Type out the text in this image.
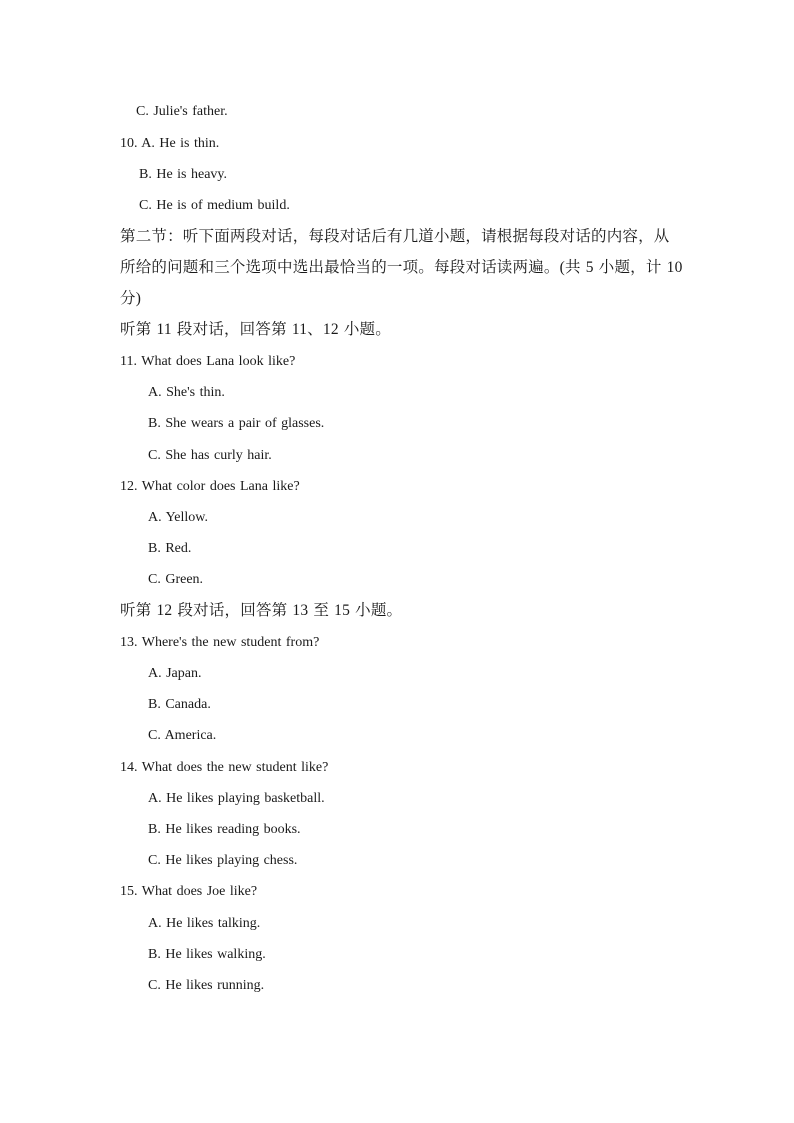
C. Julie's father.
10. A. He is thin.
B. He is heavy.
C. He is of medium build.
第二节：听下面两段对话，每段对话后有几道小题，请根据每段对话的内容，从
所给的问题和三个选项中选出最恰当的一项。每段对话读两遍。(共 5 小题，计 10
分)
听第 11 段对话，回答第 11、12 小题。
11. What does Lana look like?
A. She's thin.
B. She wears a pair of glasses.
C. She has curly hair.
12. What color does Lana like?
A. Yellow.
B. Red.
C. Green.
听第 12 段对话，回答第 13 至 15 小题。
13. Where's the new student from?
A. Japan.
B. Canada.
C. America.
14. What does the new student like?
A. He likes playing basketball.
B. He likes reading books.
C. He likes playing chess.
15. What does Joe like?
A. He likes talking.
B. He likes walking.
C. He likes running.
